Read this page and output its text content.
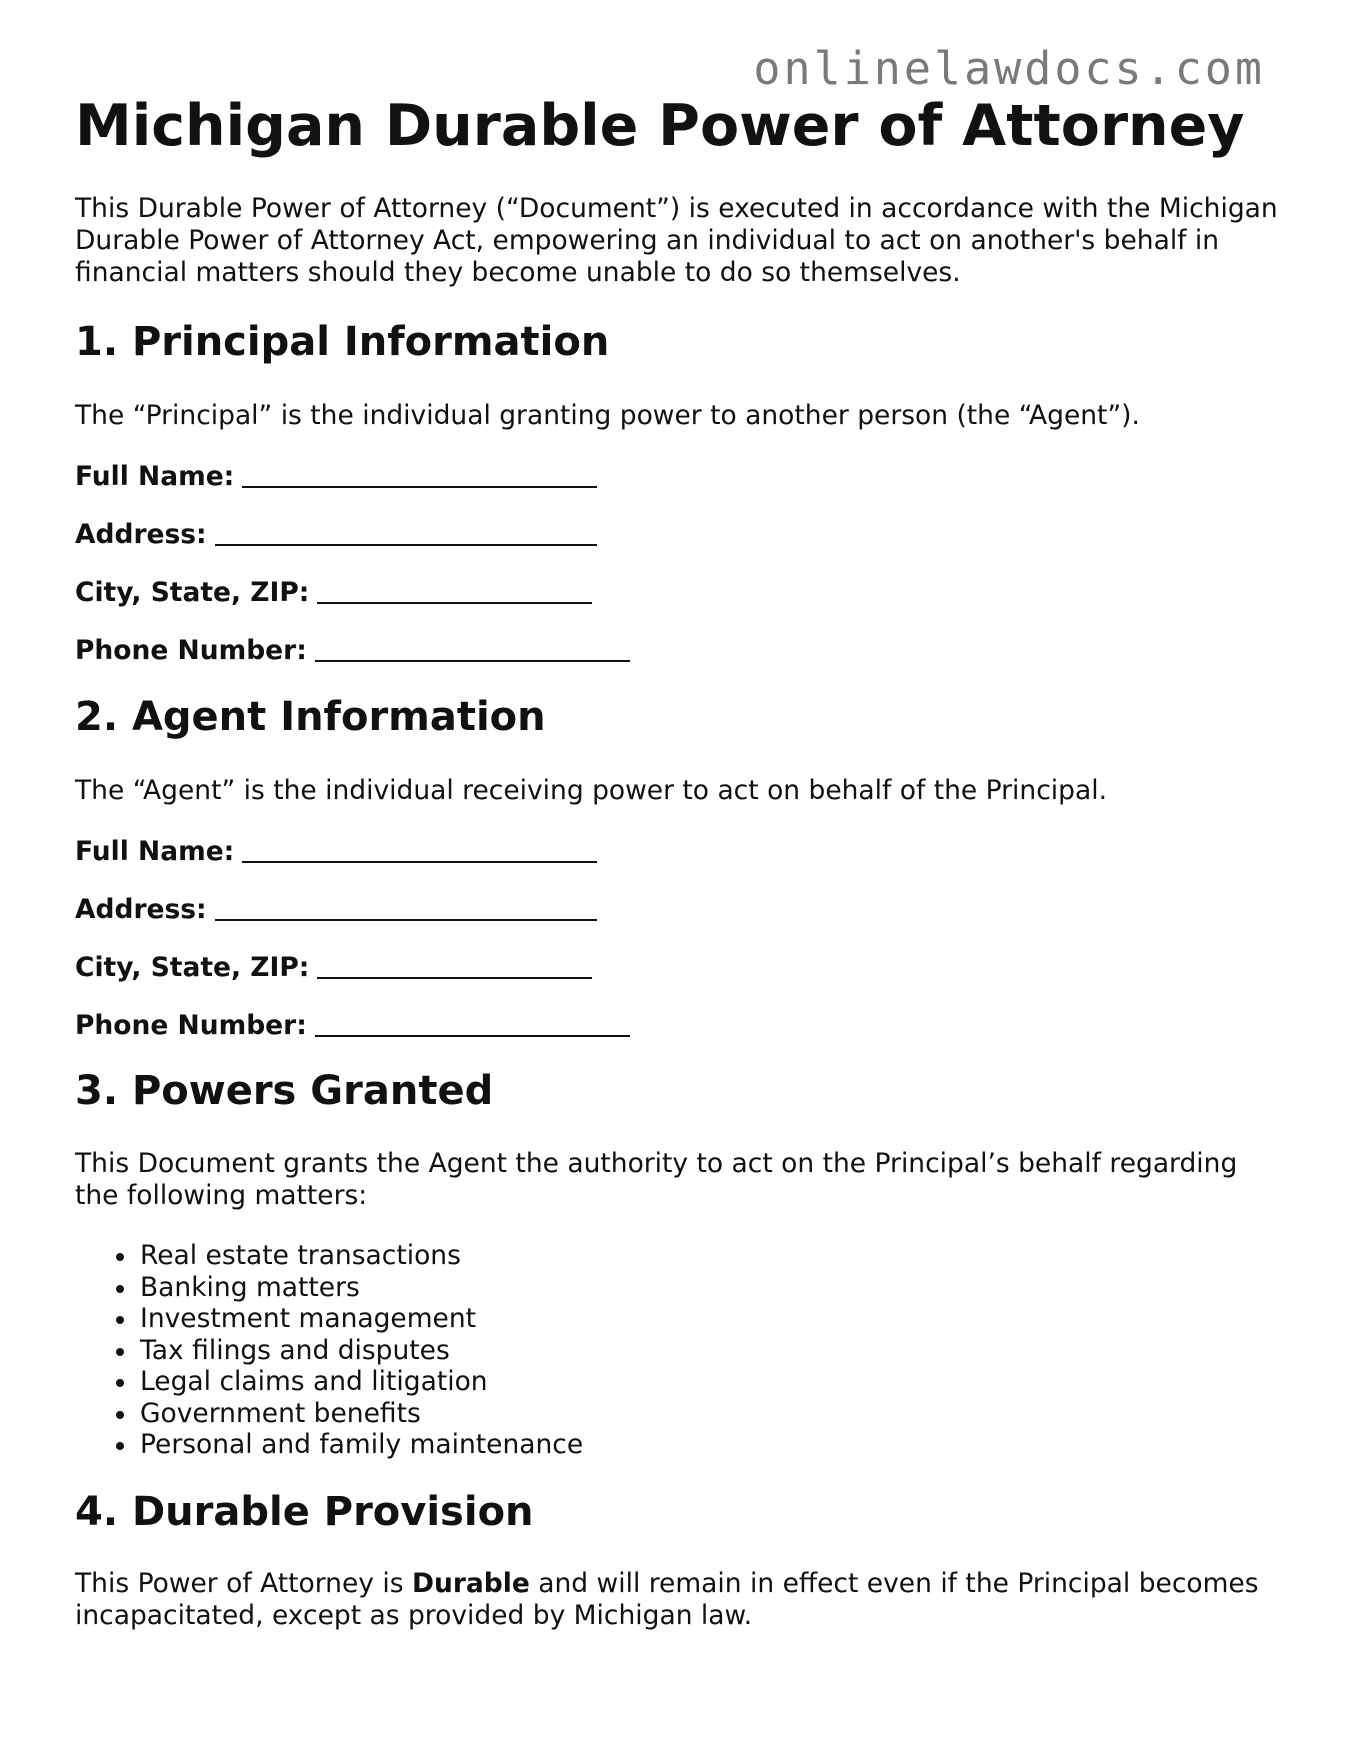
onlinelawdocs.com
Michigan Durable Power of Attorney

This Durable Power of Attorney (“Document”) is executed in accordance with the Michigan Durable Power of Attorney Act, empowering an individual to act on another's behalf in financial matters should they become unable to do so themselves.

1. Principal Information

The “Principal” is the individual granting power to another person (the “Agent”).

Full Name:
Address:
City, State, ZIP:
Phone Number:
2. Agent Information

The “Agent” is the individual receiving power to act on behalf of the Principal.

Full Name:
Address:
City, State, ZIP:
Phone Number:
3. Powers Granted

This Document grants the Agent the authority to act on the Principal’s behalf regarding the following matters:

Real estate transactions
Banking matters
Investment management
Tax filings and disputes
Legal claims and litigation
Government benefits
Personal and family maintenance
4. Durable Provision

This Power of Attorney is Durable and will remain in effect even if the Principal becomes incapacitated, except as provided by Michigan law.
